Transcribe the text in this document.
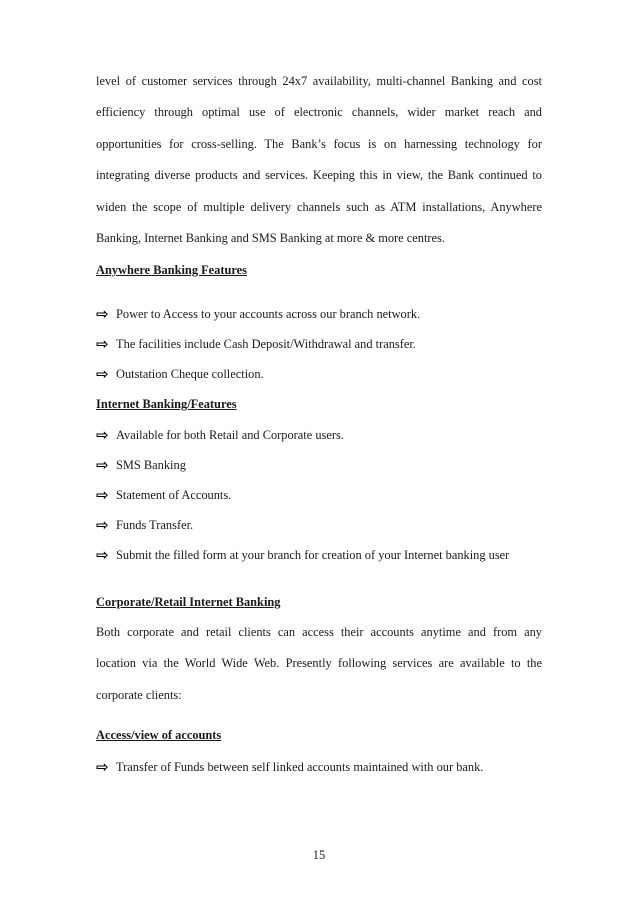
level of customer services through 24x7 availability, multi-channel Banking and cost
efficiency through optimal use of electronic channels, wider market reach and
opportunities for cross-selling. The Bank’s focus is on harnessing technology for
integrating diverse products and services. Keeping this in view, the Bank continued to
widen the scope of multiple delivery channels such as ATM installations, Anywhere
Banking, Internet Banking and SMS Banking at more & more centres.
Anywhere Banking Features
⇨ Power to Access to your accounts across our branch network.
⇨ The facilities include Cash Deposit/Withdrawal and transfer.
⇨ Outstation Cheque collection.
Internet Banking/Features
⇨ Available for both Retail and Corporate users.
⇨ SMS Banking
⇨ Statement of Accounts.
⇨ Funds Transfer.
⇨ Submit the filled form at your branch for creation of your Internet banking user
Corporate/Retail Internet Banking
Both corporate and retail clients can access their accounts anytime and from any
location via the World Wide Web. Presently following services are available to the
corporate clients:
Access/view of accounts
⇨ Transfer of Funds between self linked accounts maintained with our bank.
15
